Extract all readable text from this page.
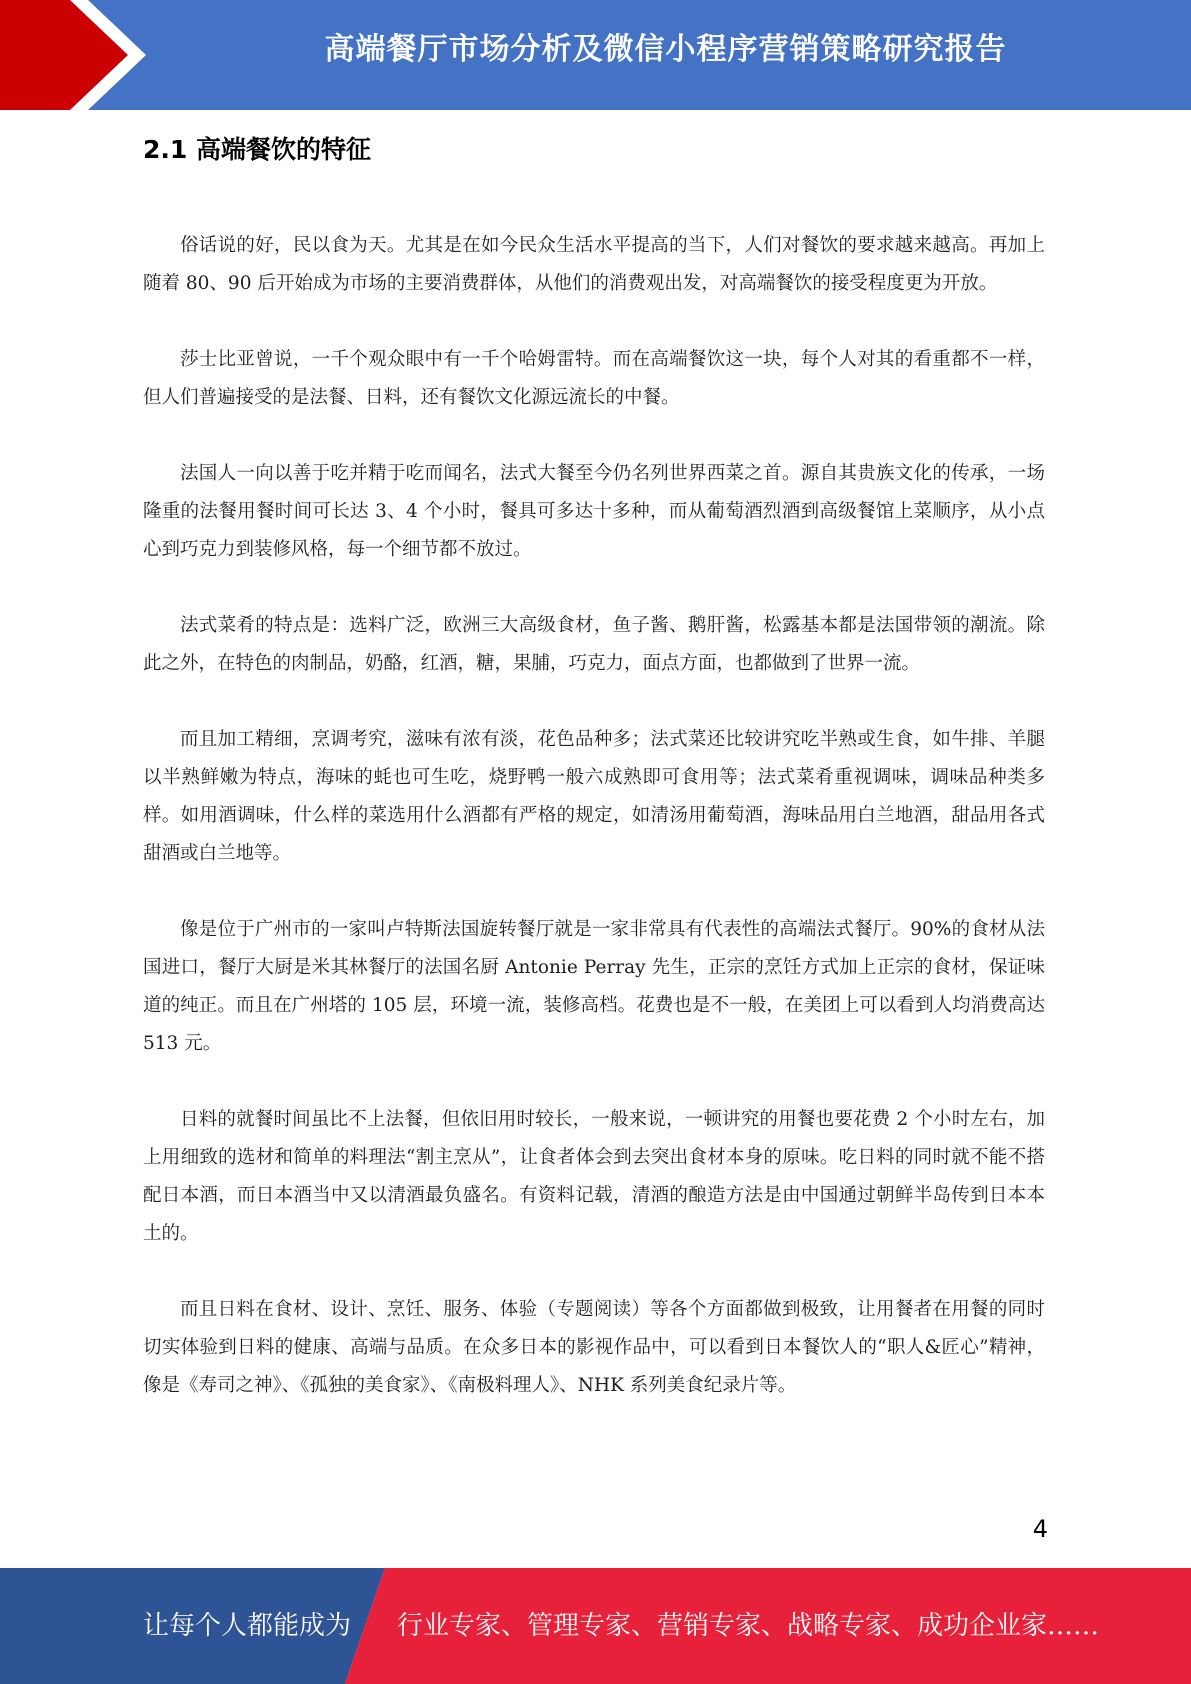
高端餐厅市场分析及微信小程序营销策略研究报告
2.1 高端餐饮的特征

俗话说的好，民以食为天。尤其是在如今民众生活水平提高的当下，人们对餐饮的要求越来越高。再加上随着 80、90 后开始成为市场的主要消费群体，从他们的消费观出发，对高端餐饮的接受程度更为开放。

莎士比亚曾说，一千个观众眼中有一千个哈姆雷特。而在高端餐饮这一块，每个人对其的看重都不一样，但人们普遍接受的是法餐、日料，还有餐饮文化源远流长的中餐。

法国人一向以善于吃并精于吃而闻名，法式大餐至今仍名列世界西菜之首。源自其贵族文化的传承，一场隆重的法餐用餐时间可长达 3、4 个小时，餐具可多达十多种，而从葡萄酒烈酒到高级餐馆上菜顺序，从小点心到巧克力到装修风格，每一个细节都不放过。

法式菜肴的特点是：选料广泛，欧洲三大高级食材，鱼子酱、鹅肝酱，松露基本都是法国带领的潮流。除此之外，在特色的肉制品，奶酪，红酒，糖，果脯，巧克力，面点方面，也都做到了世界一流。

而且加工精细，烹调考究，滋味有浓有淡，花色品种多；法式菜还比较讲究吃半熟或生食，如牛排、羊腿以半熟鲜嫩为特点，海味的蚝也可生吃，烧野鸭一般六成熟即可食用等；法式菜肴重视调味，调味品种类多样。如用酒调味，什么样的菜选用什么酒都有严格的规定，如清汤用葡萄酒，海味品用白兰地酒，甜品用各式甜酒或白兰地等。

像是位于广州市的一家叫卢特斯法国旋转餐厅就是一家非常具有代表性的高端法式餐厅。90%的食材从法国进口，餐厅大厨是米其林餐厅的法国名厨 Antonie Perray 先生，正宗的烹饪方式加上正宗的食材，保证味道的纯正。而且在广州塔的 105 层，环境一流，装修高档。花费也是不一般，在美团上可以看到人均消费高达 513 元。

日料的就餐时间虽比不上法餐，但依旧用时较长，一般来说，一顿讲究的用餐也要花费 2 个小时左右，加上用细致的选材和简单的料理法“割主烹从”，让食者体会到去突出食材本身的原味。吃日料的同时就不能不搭配日本酒，而日本酒当中又以清酒最负盛名。有资料记载，清酒的酿造方法是由中国通过朝鲜半岛传到日本本土的。

而且日料在食材、设计、烹饪、服务、体验（专题阅读）等各个方面都做到极致，让用餐者在用餐的同时切实体验到日料的健康、高端与品质。在众多日本的影视作品中，可以看到日本餐饮人的“职人&匠心”精神，像是《寿司之神》、《孤独的美食家》、《南极料理人》、NHK 系列美食纪录片等。

4
让每个人都能成为 行业专家、管理专家、营销专家、战略专家、成功企业家……
